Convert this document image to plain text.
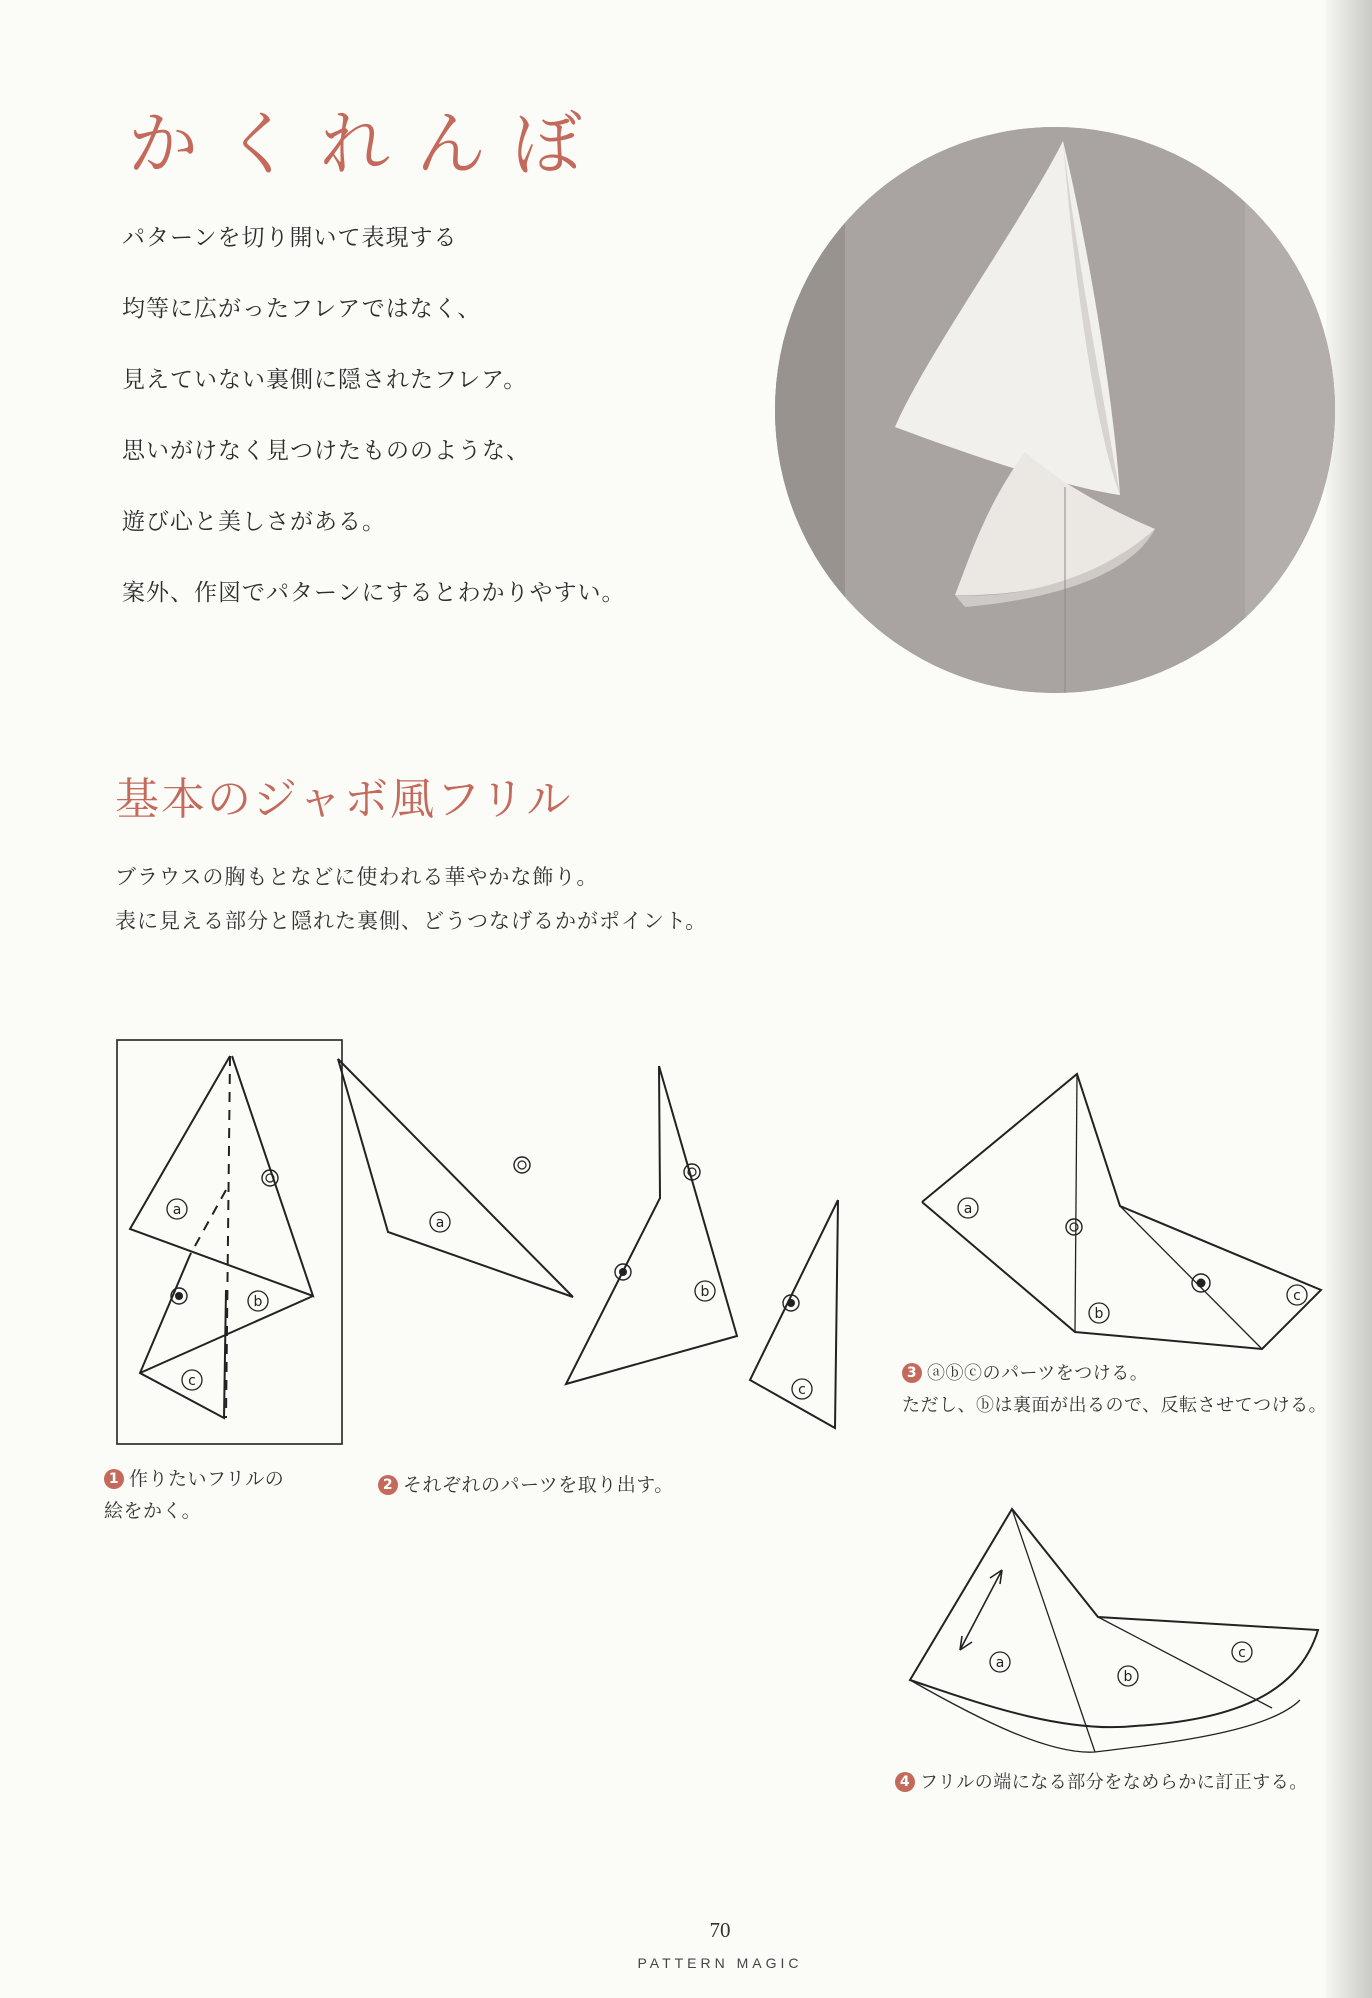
かくれんぼ
パターンを切り開いて表現する
均等に広がったフレアではなく、
見えていない裏側に隠されたフレア。
思いがけなく見つけたもののような、
遊び心と美しさがある。
案外、作図でパターンにするとわかりやすい。
基本のジャボ風フリル
ブラウスの胸もとなどに使われる華やかな飾り。
表に見える部分と隠れた裏側、どうつなげるかがポイント。
a
b
c
a
b
c
a
b
c
a
b
c
1 作りたいフリルの
絵をかく。
2 それぞれのパーツを取り出す。
3 ⓐⓑⓒのパーツをつける。
ただし、ⓑは裏面が出るので、反転させてつける。
4 フリルの端になる部分をなめらかに訂正する。
70
PATTERN MAGIC
